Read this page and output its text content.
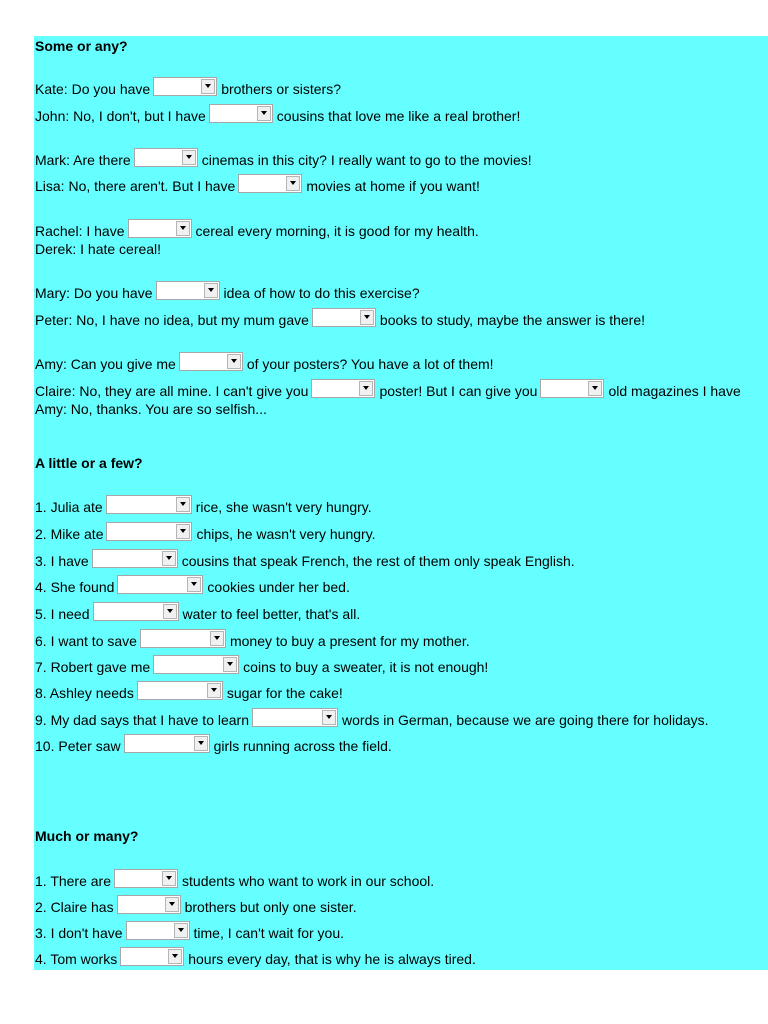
Some or any?
Kate: Do you have	brothers or sisters?
John: No, I don't, but I have	cousins that love me like a real brother!
Mark: Are there	cinemas in this city? I really want to go to the movies!
Lisa: No, there aren't. But I have	movies at home if you want!
Rachel: I have	cereal every morning, it is good for my health.
Derek: I hate cereal!
Mary: Do you have	idea of how to do this exercise?
Peter: No, I have no idea, but my mum gave	books to study, maybe the answer is there!
Amy: Can you give me	of your posters? You have a lot of them!
Claire: No, they are all mine. I can't give you	poster! But I can give you	old magazines I have
Amy: No, thanks. You are so selfish...
A little or a few?
1. Julia ate	rice, she wasn't very hungry.
2. Mike ate	chips, he wasn't very hungry.
3. I have	cousins that speak French, the rest of them only speak English.
4. She found	cookies under her bed.
5. I need	water to feel better, that's all.
6. I want to save	money to buy a present for my mother.
7. Robert gave me	coins to buy a sweater, it is not enough!
8. Ashley needs	sugar for the cake!
9. My dad says that I have to learn	words in German, because we are going there for holidays.
10. Peter saw	girls running across the field.
Much or many?
1. There are	students who want to work in our school.
2. Claire has	brothers but only one sister.
3. I don't have	time, I can't wait for you.
4. Tom works	hours every day, that is why he is always tired.
